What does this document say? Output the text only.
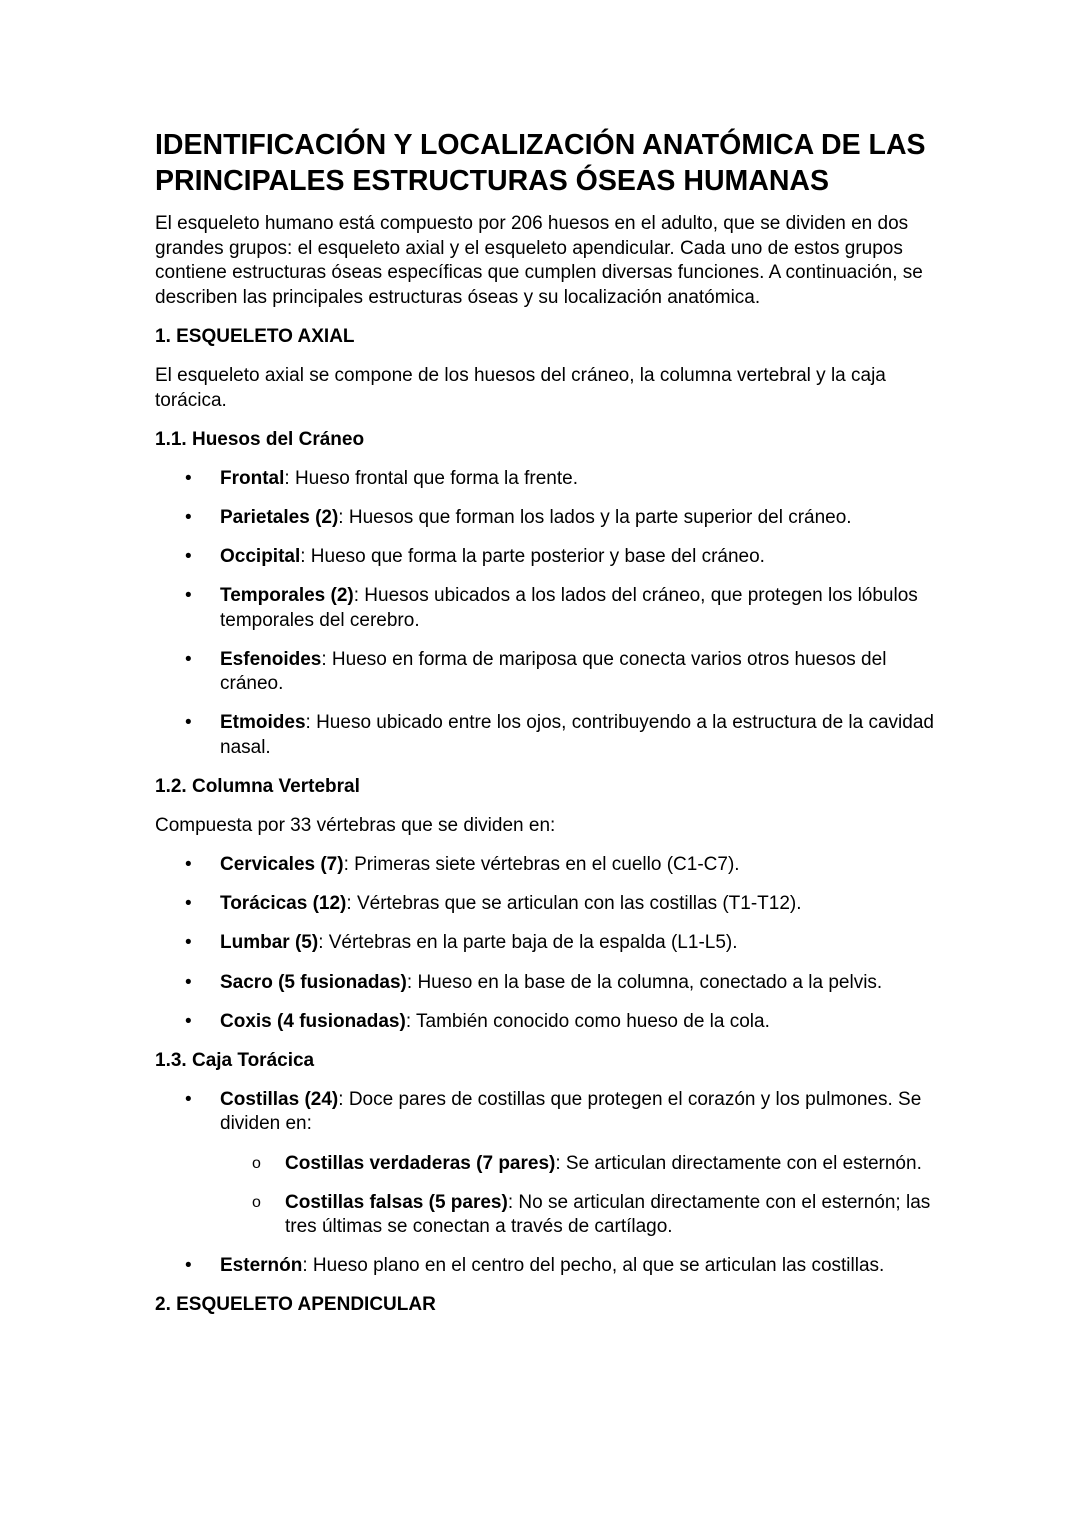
IDENTIFICACIÓN Y LOCALIZACIÓN ANATÓMICA DE LAS PRINCIPALES ESTRUCTURAS ÓSEAS HUMANAS

El esqueleto humano está compuesto por 206 huesos en el adulto, que se dividen en dos grandes grupos: el esqueleto axial y el esqueleto apendicular. Cada uno de estos grupos contiene estructuras óseas específicas que cumplen diversas funciones. A continuación, se describen las principales estructuras óseas y su localización anatómica.

1. ESQUELETO AXIAL

El esqueleto axial se compone de los huesos del cráneo, la columna vertebral y la caja torácica.

1.1. Huesos del Cráneo
• Frontal: Hueso frontal que forma la frente.
• Parietales (2): Huesos que forman los lados y la parte superior del cráneo.
• Occipital: Hueso que forma la parte posterior y base del cráneo.
• Temporales (2): Huesos ubicados a los lados del cráneo, que protegen los lóbulos temporales del cerebro.
• Esfenoides: Hueso en forma de mariposa que conecta varios otros huesos del cráneo.
• Etmoides: Hueso ubicado entre los ojos, contribuyendo a la estructura de la cavidad nasal.
1.2. Columna Vertebral

Compuesta por 33 vértebras que se dividen en:

• Cervicales (7): Primeras siete vértebras en el cuello (C1-C7).
• Torácicas (12): Vértebras que se articulan con las costillas (T1-T12).
• Lumbar (5): Vértebras en la parte baja de la espalda (L1-L5).
• Sacro (5 fusionadas): Hueso en la base de la columna, conectado a la pelvis.
• Coxis (4 fusionadas): También conocido como hueso de la cola.
1.3. Caja Torácica
• Costillas (24): Doce pares de costillas que protegen el corazón y los pulmones. Se dividen en:
o Costillas verdaderas (7 pares): Se articulan directamente con el esternón.
o Costillas falsas (5 pares): No se articulan directamente con el esternón; las tres últimas se conectan a través de cartílago.
• Esternón: Hueso plano en el centro del pecho, al que se articulan las costillas.
2. ESQUELETO APENDICULAR
